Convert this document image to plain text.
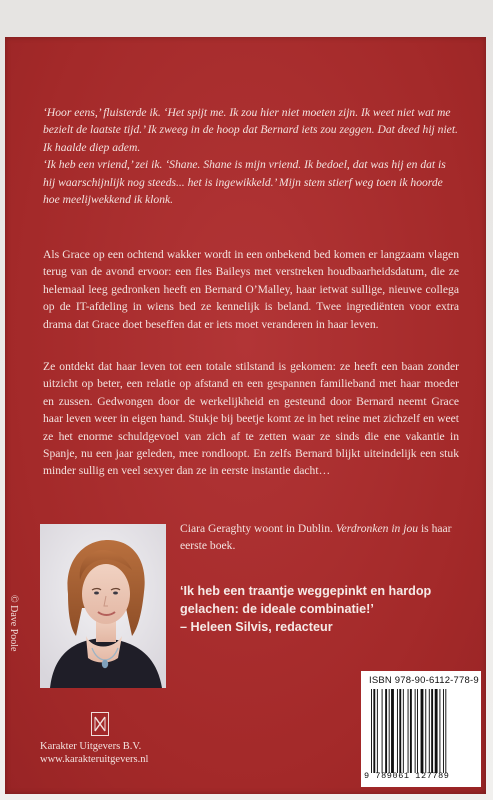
‘Hoor eens,’ fluisterde ik. ‘Het spijt me. Ik zou hier niet moeten zijn. Ik weet niet wat me bezielt de laatste tijd.’ Ik zweeg in de hoop dat Bernard iets zou zeggen. Dat deed hij niet. Ik haalde diep adem.

‘Ik heb een vriend,’ zei ik. ‘Shane. Shane is mijn vriend. Ik bedoel, dat was hij en dat is hij waarschijnlijk nog steeds... het is ingewikkeld.’ Mijn stem stierf weg toen ik hoorde hoe meelijwekkend ik klonk.

Als Grace op een ochtend wakker wordt in een onbekend bed komen er langzaam vlagen terug van de avond ervoor: een fles Baileys met verstreken houdbaarheidsdatum, die ze helemaal leeg gedronken heeft en Bernard O’Malley, haar ietwat sullige, nieuwe collega op de IT-afdeling in wiens bed ze kennelijk is beland. Twee ingrediënten voor extra drama dat Grace doet beseffen dat er iets moet veranderen in haar leven.

Ze ontdekt dat haar leven tot een totale stilstand is gekomen: ze heeft een baan zonder uitzicht op beter, een relatie op afstand en een gespannen familieband met haar moeder en zussen. Gedwongen door de werkelijkheid en gesteund door Bernard neemt Grace haar leven weer in eigen hand. Stukje bij beetje komt ze in het reine met zichzelf en weet ze het enorme schuldgevoel van zich af te zetten waar ze sinds die ene vakantie in Spanje, nu een jaar geleden, mee rondloopt. En zelfs Bernard blijkt uiteindelijk een stuk minder sullig en veel sexyer dan ze in eerste instantie dacht…

© Dave Poole
Ciara Geraghty woont in Dublin. Verdronken in jou is haar eerste boek.
‘Ik heb een traantje weggepinkt en hardop gelachen: de ideale combinatie!’
– Heleen Silvis, redacteur
Karakter Uitgevers B.V.
www.karakteruitgevers.nl
ISBN 978-90-6112-778-9
9 789061 127789
